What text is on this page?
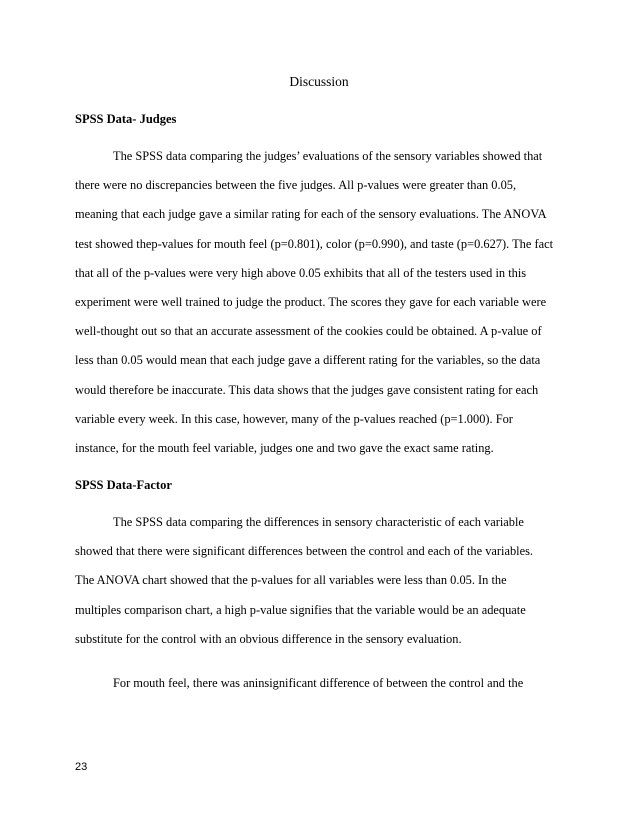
Discussion
SPSS Data- Judges

The SPSS data comparing the judges’ evaluations of the sensory variables showed that
there were no discrepancies between the five judges. All p-values were greater than 0.05,
meaning that each judge gave a similar rating for each of the sensory evaluations. The ANOVA
test showed thep-values for mouth feel (p=0.801), color (p=0.990), and taste (p=0.627). The fact
that all of the p-values were very high above 0.05 exhibits that all of the testers used in this
experiment were well trained to judge the product. The scores they gave for each variable were
well-thought out so that an accurate assessment of the cookies could be obtained. A p-value of
less than 0.05 would mean that each judge gave a different rating for the variables, so the data
would therefore be inaccurate. This data shows that the judges gave consistent rating for each
variable every week. In this case, however, many of the p-values reached (p=1.000). For
instance, for the mouth feel variable, judges one and two gave the exact same rating.

SPSS Data-Factor

The SPSS data comparing the differences in sensory characteristic of each variable
showed that there were significant differences between the control and each of the variables.
The ANOVA chart showed that the p-values for all variables were less than 0.05. In the
multiples comparison chart, a high p-value signifies that the variable would be an adequate
substitute for the control with an obvious difference in the sensory evaluation.

For mouth feel, there was aninsignificant difference of between the control and the

23
